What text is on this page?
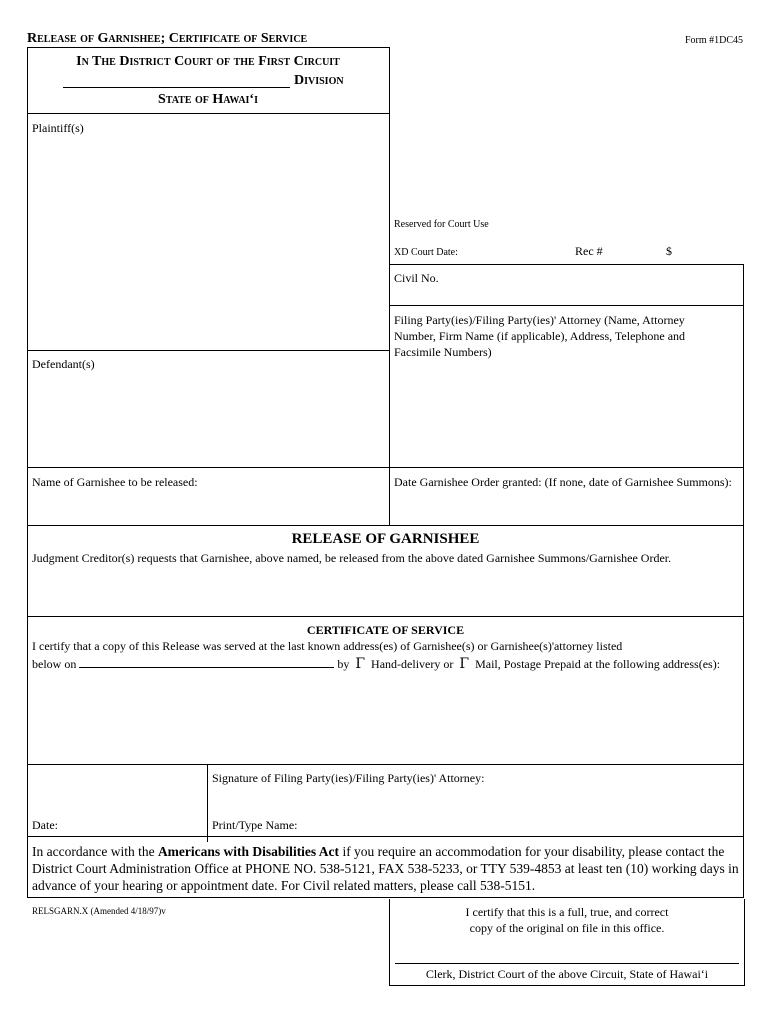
Release of Garnishee; Certificate of Service	Form #1DC45
In The District Court of the First Circuit
Division
State of Hawai‘i
Plaintiff(s)
Defendant(s)
Reserved for Court Use
XD Court Date:	Rec #	$
Civil No.
Filing Party(ies)/Filing Party(ies)' Attorney (Name, Attorney Number, Firm Name (if applicable), Address, Telephone and Facsimile Numbers)
Name of Garnishee to be released:	Date Garnishee Order granted: (If none, date of Garnishee Summons):
RELEASE OF GARNISHEE
Judgment Creditor(s) requests that Garnishee, above named, be released from the above dated Garnishee Summons/Garnishee Order.
CERTIFICATE OF SERVICE
I certify that a copy of this Release was served at the last known address(es) of Garnishee(s) or Garnishee(s)'attorney listed
below on	by Γ Hand-delivery or Γ Mail, Postage Prepaid at the following address(es):
Signature of Filing Party(ies)/Filing Party(ies)' Attorney:
Date:	Print/Type Name:
In accordance with the Americans with Disabilities Act if you require an accommodation for your disability, please contact the District Court Administration Office at PHONE NO. 538-5121, FAX 538-5233, or TTY 539-4853 at least ten (10) working days in advance of your hearing or appointment date. For Civil related matters, please call 538-5151.
RELSGARN.X (Amended 4/18/97)v	I certify that this is a full, true, and correct
copy of the original on file in this office.
Clerk, District Court of the above Circuit, State of Hawai‘i
